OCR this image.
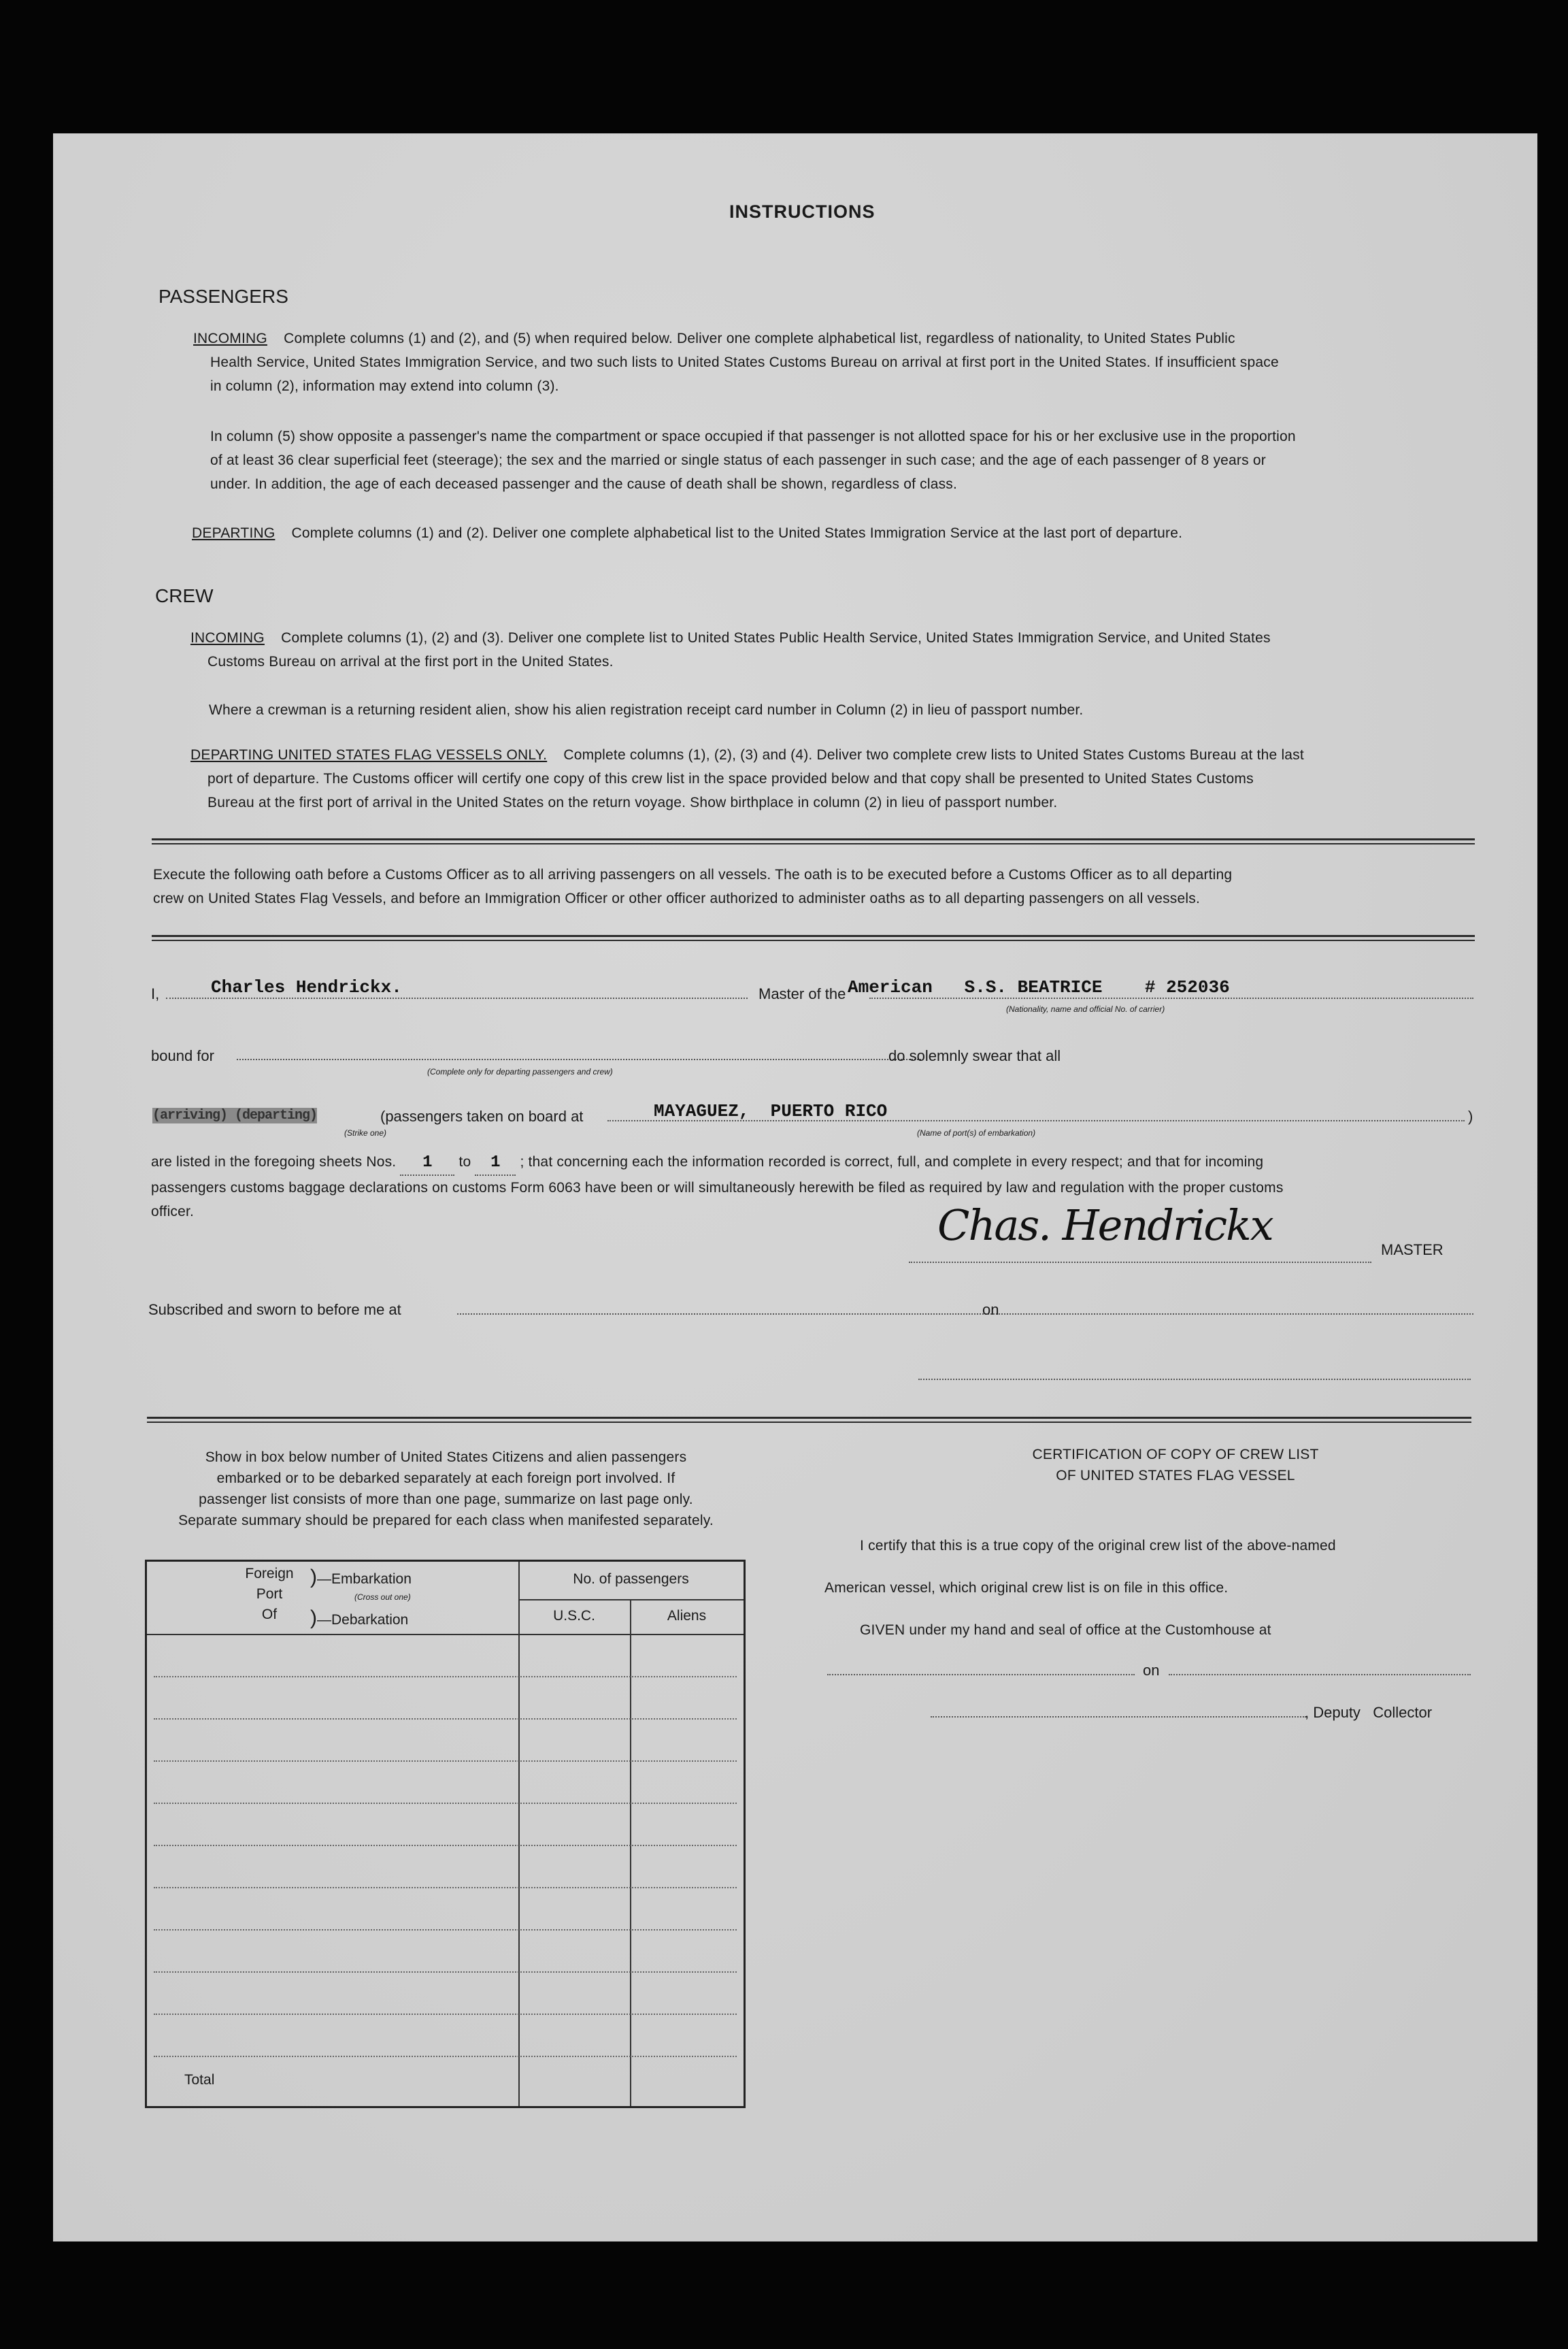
INSTRUCTIONS
PASSENGERS
INCOMING Complete columns (1) and (2), and (5) when required below. Deliver one complete alphabetical list, regardless of nationality, to United States Public
Health Service, United States Immigration Service, and two such lists to United States Customs Bureau on arrival at first port in the United States. If insufficient space
in column (2), information may extend into column (3).
In column (5) show opposite a passenger's name the compartment or space occupied if that passenger is not allotted space for his or her exclusive use in the proportion
of at least 36 clear superficial feet (steerage); the sex and the married or single status of each passenger in such case; and the age of each passenger of 8 years or
under. In addition, the age of each deceased passenger and the cause of death shall be shown, regardless of class.
DEPARTING Complete columns (1) and (2). Deliver one complete alphabetical list to the United States Immigration Service at the last port of departure.
CREW
INCOMING Complete columns (1), (2) and (3). Deliver one complete list to United States Public Health Service, United States Immigration Service, and United States
Customs Bureau on arrival at the first port in the United States.
Where a crewman is a returning resident alien, show his alien registration receipt card number in Column (2) in lieu of passport number.
DEPARTING UNITED STATES FLAG VESSELS ONLY. Complete columns (1), (2), (3) and (4). Deliver two complete crew lists to United States Customs Bureau at the last
port of departure. The Customs officer will certify one copy of this crew list in the space provided below and that copy shall be presented to United States Customs
Bureau at the first port of arrival in the United States on the return voyage. Show birthplace in column (2) in lieu of passport number.
Execute the following oath before a Customs Officer as to all arriving passengers on all vessels. The oath is to be executed before a Customs Officer as to all departing
crew on United States Flag Vessels, and before an Immigration Officer or other officer authorized to administer oaths as to all departing passengers on all vessels.
I,	Charles Hendrickx.	Master of the American   S.S. BEATRICE    # 252036
(Nationality, name and official No. of carrier)
bound for
(Complete only for departing passengers and crew)
do solemnly swear that all
(arriving) (departing)
(Strike one)
(passengers taken on board at	MAYAGUEZ,  PUERTO RICO
(Name of port(s) of embarkation)
)
are listed in the foregoing sheets Nos. 1 to 1 ; that concerning each the information recorded is correct, full, and complete in every respect; and that for incoming
passengers customs baggage declarations on customs Form 6063 have been or will simultaneously herewith be filed as required by law and regulation with the proper customs
officer.	Chas. Hendrickx	MASTER
Subscribed and sworn to before me at	on
Show in box below number of United States Citizens and alien passengers
embarked or to be debarked separately at each foreign port involved. If
passenger list consists of more than one page, summarize on last page only.
Separate summary should be prepared for each class when manifested separately.
Foreign
Port
Of
)—Embarkation
(Cross out one)
)—Debarkation
No. of passengers
U.S.C.	Aliens
Total
CERTIFICATION OF COPY OF CREW LIST
OF UNITED STATES FLAG VESSEL
I certify that this is a true copy of the original crew list of the above-named
American vessel, which original crew list is on file in this office.
GIVEN under my hand and seal of office at the Customhouse at
on
, Deputy   Collector
